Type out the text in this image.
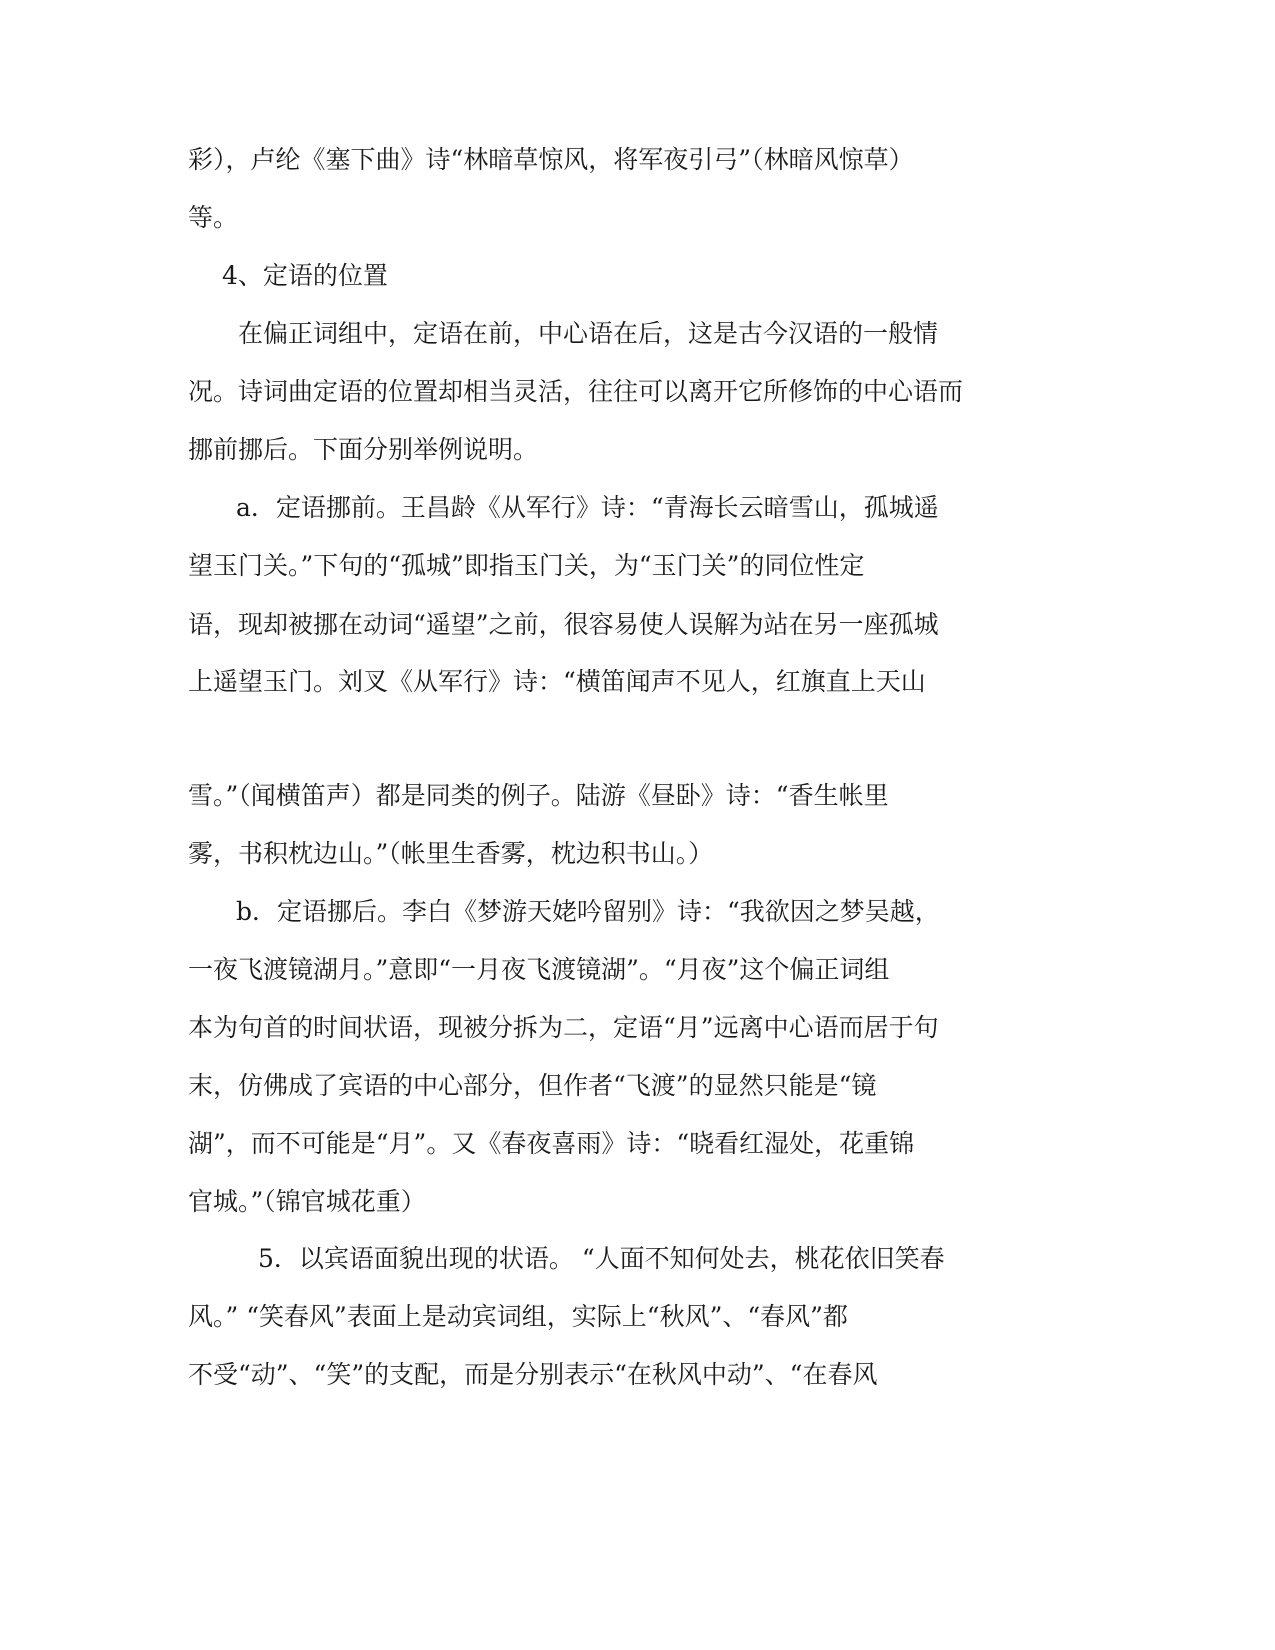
彩），卢纶《塞下曲》诗“林暗草惊风，将军夜引弓”（林暗风惊草）
等。
4、定语的位置
在偏正词组中，定语在前，中心语在后，这是古今汉语的一般情
况。诗词曲定语的位置却相当灵活，往往可以离开它所修饰的中心语而
挪前挪后。下面分别举例说明。
a．定语挪前。王昌龄《从军行》诗：“青海长云暗雪山，孤城遥
望玉门关。”下句的“孤城”即指玉门关，为“玉门关”的同位性定
语，现却被挪在动词“遥望”之前，很容易使人误解为站在另一座孤城
上遥望玉门。刘叉《从军行》诗：“横笛闻声不见人，红旗直上天山
雪。”（闻横笛声）都是同类的例子。陆游《昼卧》诗：“香生帐里
雾，书积枕边山。”（帐里生香雾，枕边积书山。）
b．定语挪后。李白《梦游天姥吟留别》诗：“我欲因之梦吴越，
一夜飞渡镜湖月。”意即“一月夜飞渡镜湖”。“月夜”这个偏正词组
本为句首的时间状语，现被分拆为二，定语“月”远离中心语而居于句
末，仿佛成了宾语的中心部分，但作者“飞渡”的显然只能是“镜
湖”，而不可能是“月”。又《春夜喜雨》诗：“晓看红湿处，花重锦
官城。”（锦官城花重）
5．以宾语面貌出现的状语。 “人面不知何处去，桃花依旧笑春
风。” “笑春风”表面上是动宾词组，实际上“秋风”、“春风”都
不受“动”、“笑”的支配，而是分别表示“在秋风中动”、“在春风
